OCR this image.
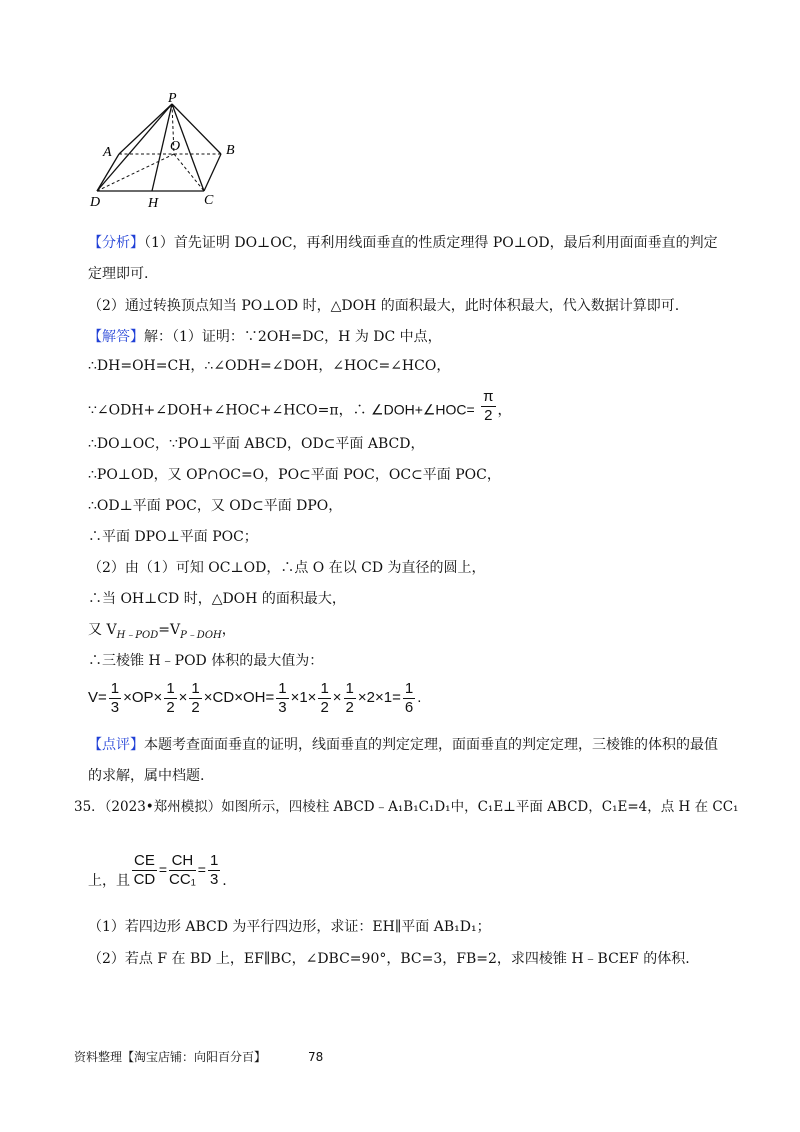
P
A	O	B
D	H	C
【分析】（1）首先证明 DO⊥OC，再利用线面垂直的性质定理得 PO⊥OD，最后利用面面垂直的判定
定理即可.
（2）通过转换顶点知当 PO⊥OD 时，△DOH 的面积最大，此时体积最大，代入数据计算即可.
【解答】解：（1）证明：∵2OH=DC，H 为 DC 中点，
∴DH=OH=CH，∴∠ODH=∠DOH，∠HOC=∠HCO，
∵∠ODH+∠DOH+∠HOC+∠HCO=π，∴ ∠DOH+∠HOC= $\frac{\pi}{2}$ ，
∴DO⊥OC，∵PO⊥平面 ABCD，OD⊂平面 ABCD，
∴PO⊥OD，又 OP∩OC=O，PO⊂平面 POC，OC⊂平面 POC，
∴OD⊥平面 POC，又 OD⊂平面 DPO，
∴平面 DPO⊥平面 POC；
（2）由（1）可知 OC⊥OD，∴点 O 在以 CD 为直径的圆上，
∴当 OH⊥CD 时，△DOH 的面积最大，
又 $V_{H﹣POD}=V_{P﹣DOH}$，
∴三棱锥 H﹣POD 体积的最大值为：
$V= \frac{1}{3} \times OP\times \frac{1}{2} \times \frac{1}{2} \times CD\times OH= \frac{1}{3} \times 1\times \frac{1}{2} \times \frac{1}{2} \times 2\times 1= \frac{1}{6}$ .
【点评】本题考查面面垂直的证明，线面垂直的判定定理，面面垂直的判定定理，三棱锥的体积的最值
的求解，属中档题.
35．（2023•郑州模拟）如图所示，四棱柱 ABCD﹣A₁B₁C₁D₁中，C₁E⊥平面 ABCD，C₁E=4，点 H 在 CC₁
上，且 $\frac{CE}{CD} = \frac{CH}{\text{CC₁}} = \frac{1}{3}$ .
（1）若四边形 ABCD 为平行四边形，求证：EH∥平面 AB₁D₁；
（2）若点 F 在 BD 上，EF∥BC，∠DBC=90°，BC=3，FB=2，求四棱锥 H﹣BCEF 的体积.
资料整理【淘宝店铺：向阳百分百】	78
